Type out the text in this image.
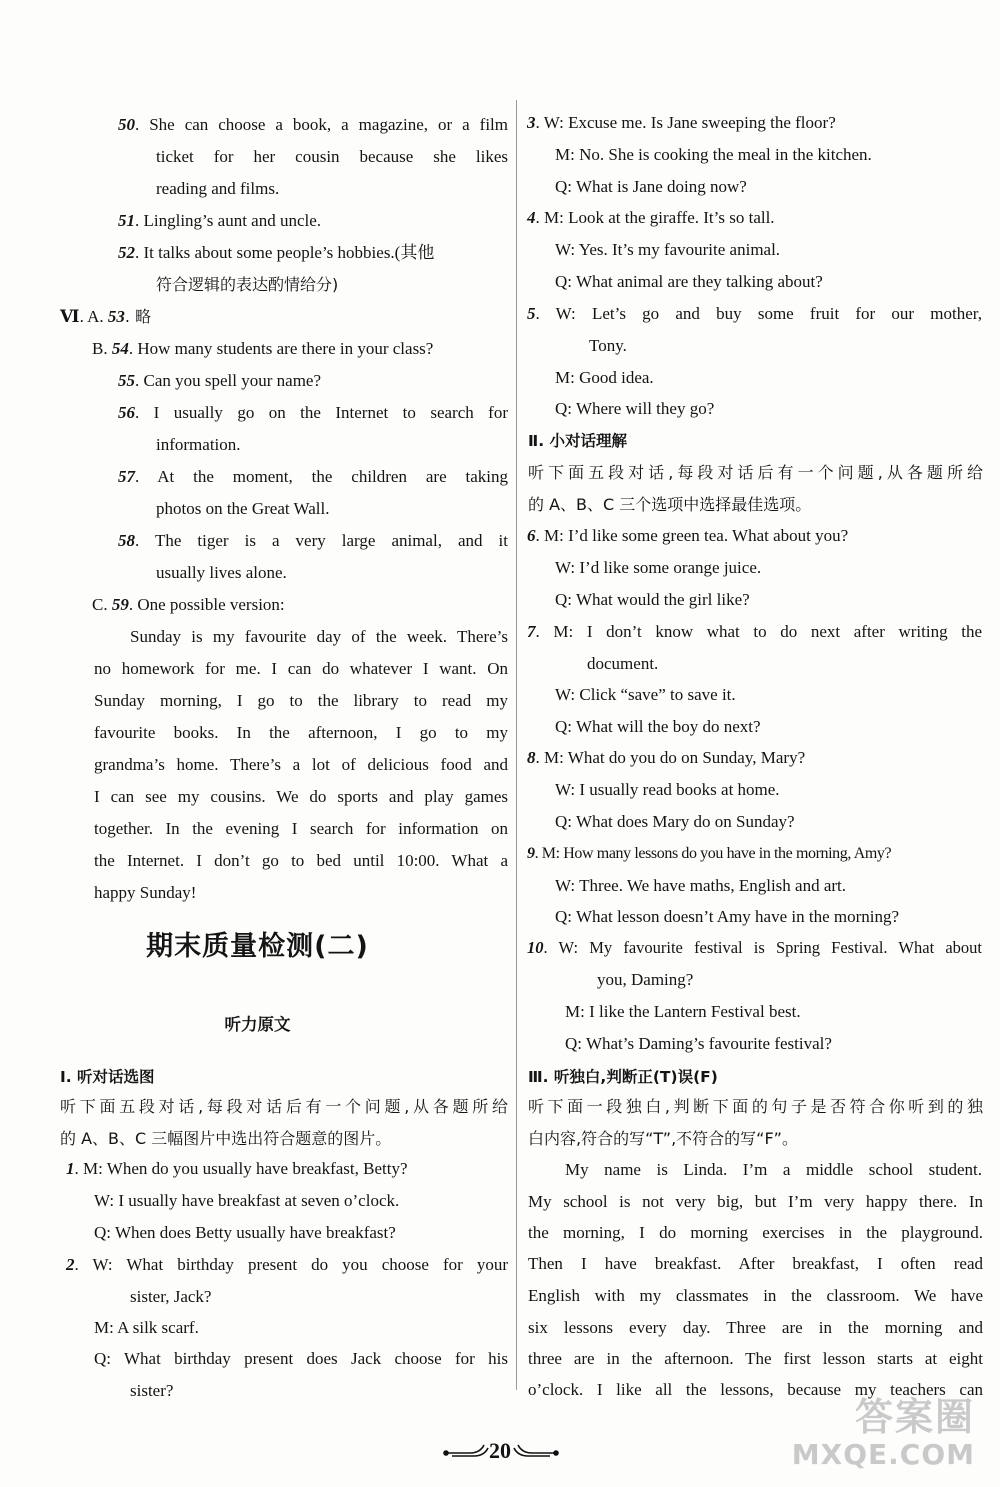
50. She can choose a book, a magazine, or a film
ticket for her cousin because she likes
reading and films.
51. Lingling’s aunt and uncle.
52. It talks about some people’s hobbies.(其他
符合逻辑的表达酌情给分)
Ⅵ. A. 53. 略
B. 54. How many students are there in your class?
55. Can you spell your name?
56. I usually go on the Internet to search for
information.
57. At the moment, the children are taking
photos on the Great Wall.
58. The tiger is a very large animal, and it
usually lives alone.
C. 59. One possible version:
Sunday is my favourite day of the week. There’s
no homework for me. I can do whatever I want. On
Sunday morning, I go to the library to read my
favourite books. In the afternoon, I go to my
grandma’s home. There’s a lot of delicious food and
I can see my cousins. We do sports and play games
together. In the evening I search for information on
the Internet. I don’t go to bed until 10:00. What a
happy Sunday!
期末质量检测(二)
听力原文
Ⅰ. 听对话选图
听下面五段对话,每段对话后有一个问题,从各题所给
的 A、B、C 三幅图片中选出符合题意的图片。
1. M: When do you usually have breakfast, Betty?
W: I usually have breakfast at seven o’clock.
Q: When does Betty usually have breakfast?
2. W: What birthday present do you choose for your
sister, Jack?
M: A silk scarf.
Q: What birthday present does Jack choose for his
sister?
3. W: Excuse me. Is Jane sweeping the floor?
M: No. She is cooking the meal in the kitchen.
Q: What is Jane doing now?
4. M: Look at the giraffe. It’s so tall.
W: Yes. It’s my favourite animal.
Q: What animal are they talking about?
5. W: Let’s go and buy some fruit for our mother,
Tony.
M: Good idea.
Q: Where will they go?
Ⅱ. 小对话理解
听下面五段对话,每段对话后有一个问题,从各题所给
的 A、B、C 三个选项中选择最佳选项。
6. M: I’d like some green tea. What about you?
W: I’d like some orange juice.
Q: What would the girl like?
7. M: I don’t know what to do next after writing the
document.
W: Click “save” to save it.
Q: What will the boy do next?
8. M: What do you do on Sunday, Mary?
W: I usually read books at home.
Q: What does Mary do on Sunday?
9. M: How many lessons do you have in the morning, Amy?
W: Three. We have maths, English and art.
Q: What lesson doesn’t Amy have in the morning?
10. W: My favourite festival is Spring Festival. What about
you, Daming?
M: I like the Lantern Festival best.
Q: What’s Daming’s favourite festival?
Ⅲ. 听独白,判断正(T)误(F)
听下面一段独白,判断下面的句子是否符合你听到的独
白内容,符合的写“T”,不符合的写“F”。
My name is Linda. I’m a middle school student.
My school is not very big, but I’m very happy there. In
the morning, I do morning exercises in the playground.
Then I have breakfast. After breakfast, I often read
English with my classmates in the classroom. We have
six lessons every day. Three are in the morning and
three are in the afternoon. The first lesson starts at eight
o’clock. I like all the lessons, because my teachers can
20
答案圈
MXQE.COM
